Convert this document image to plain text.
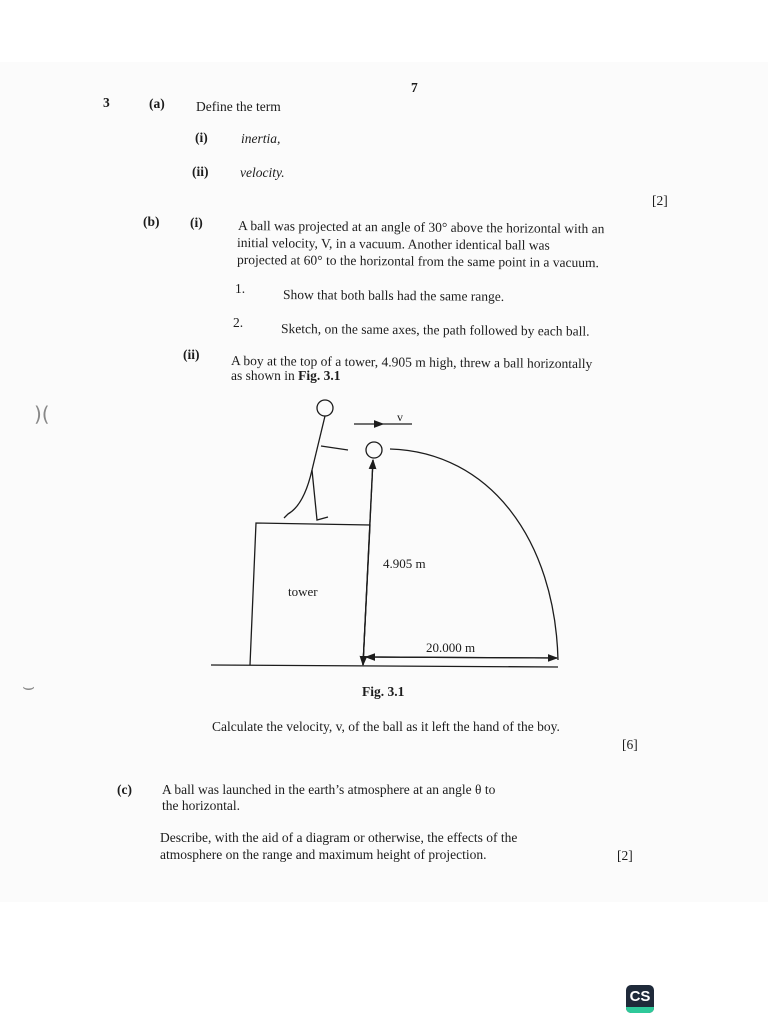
)(
⌣
7
3	(a) Define the term
(i) inertia,
(ii) velocity.
[2]
(b) (i)	A ball was projected at an angle of 30° above the horizontal with an
initial velocity, V, in a vacuum. Another identical ball was
projected at 60° to the horizontal from the same point in a vacuum.
1.	Show that both balls had the same range.
2.	Sketch, on the same axes, the path followed by each ball.
(ii) A boy at the top of a tower, 4.905 m high, threw a ball horizontally
as shown in Fig. 3.1
v
4.905 m
tower
20.000 m
Fig. 3.1
Calculate the velocity, v, of the ball as it left the hand of the boy.
[6]
(c) A ball was launched in the earth’s atmosphere at an angle θ to
the horizontal.
Describe, with the aid of a diagram or otherwise, the effects of the
atmosphere on the range and maximum height of projection.	[2]
CS
